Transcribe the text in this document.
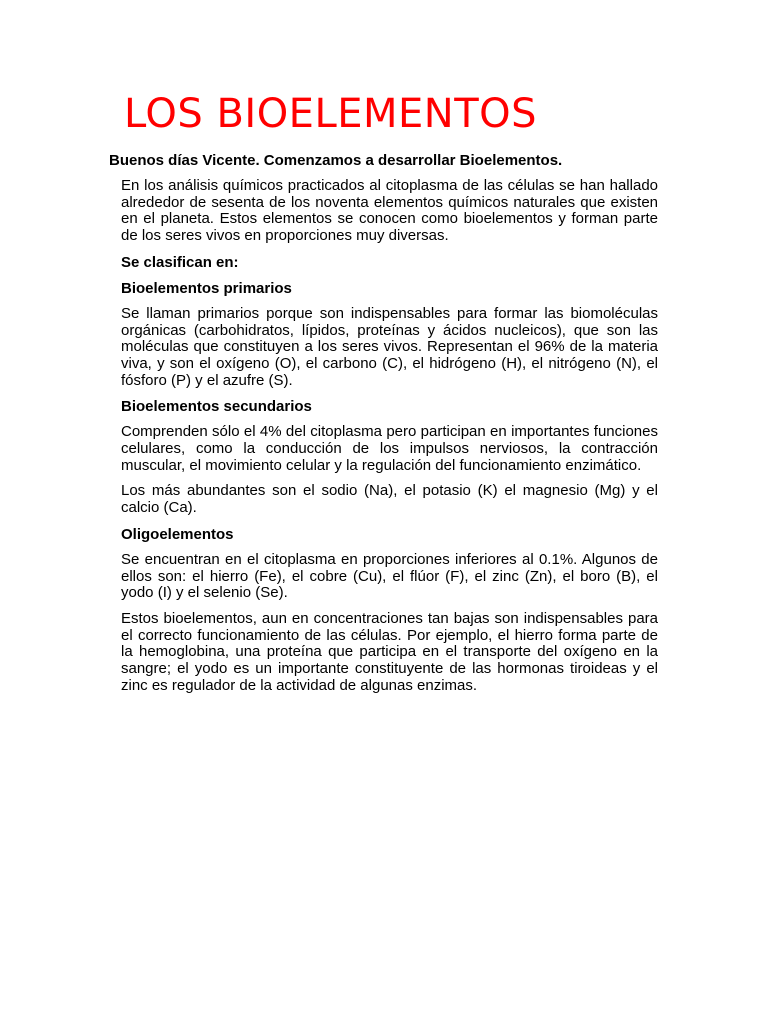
LOS BIOELEMENTOS

Buenos días Vicente. Comenzamos a desarrollar Bioelementos.

En los análisis químicos practicados al citoplasma de las células se han hallado alrededor de sesenta de los noventa elementos químicos naturales que existen en el planeta. Estos elementos se conocen como bioelementos y forman parte de los seres vivos en proporciones muy diversas.

Se clasifican en:

Bioelementos primarios

Se llaman primarios porque son indispensables para formar las biomoléculas orgánicas (carbohidratos, lípidos, proteínas y ácidos nucleicos), que son las moléculas que constituyen a los seres vivos. Representan el 96% de la materia viva, y son el oxígeno (O), el carbono (C), el hidrógeno (H), el nitrógeno (N), el fósforo (P) y el azufre (S).

Bioelementos secundarios

Comprenden sólo el 4% del citoplasma pero participan en importantes funciones celulares, como la conducción de los impulsos nerviosos, la contracción muscular, el movimiento celular y la regulación del funcionamiento enzimático.

Los más abundantes son el sodio (Na), el potasio (K) el magnesio (Mg) y el calcio (Ca).

Oligoelementos

Se encuentran en el citoplasma en proporciones inferiores al 0.1%. Algunos de ellos son: el hierro (Fe), el cobre (Cu), el flúor (F), el zinc (Zn), el boro (B), el yodo (I) y el selenio (Se).

Estos bioelementos, aun en concentraciones tan bajas son indispensables para el correcto funcionamiento de las células. Por ejemplo, el hierro forma parte de la hemoglobina, una proteína que participa en el transporte del oxígeno en la sangre; el yodo es un importante constituyente de las hormonas tiroideas y el zinc es regulador de la actividad de algunas enzimas.
